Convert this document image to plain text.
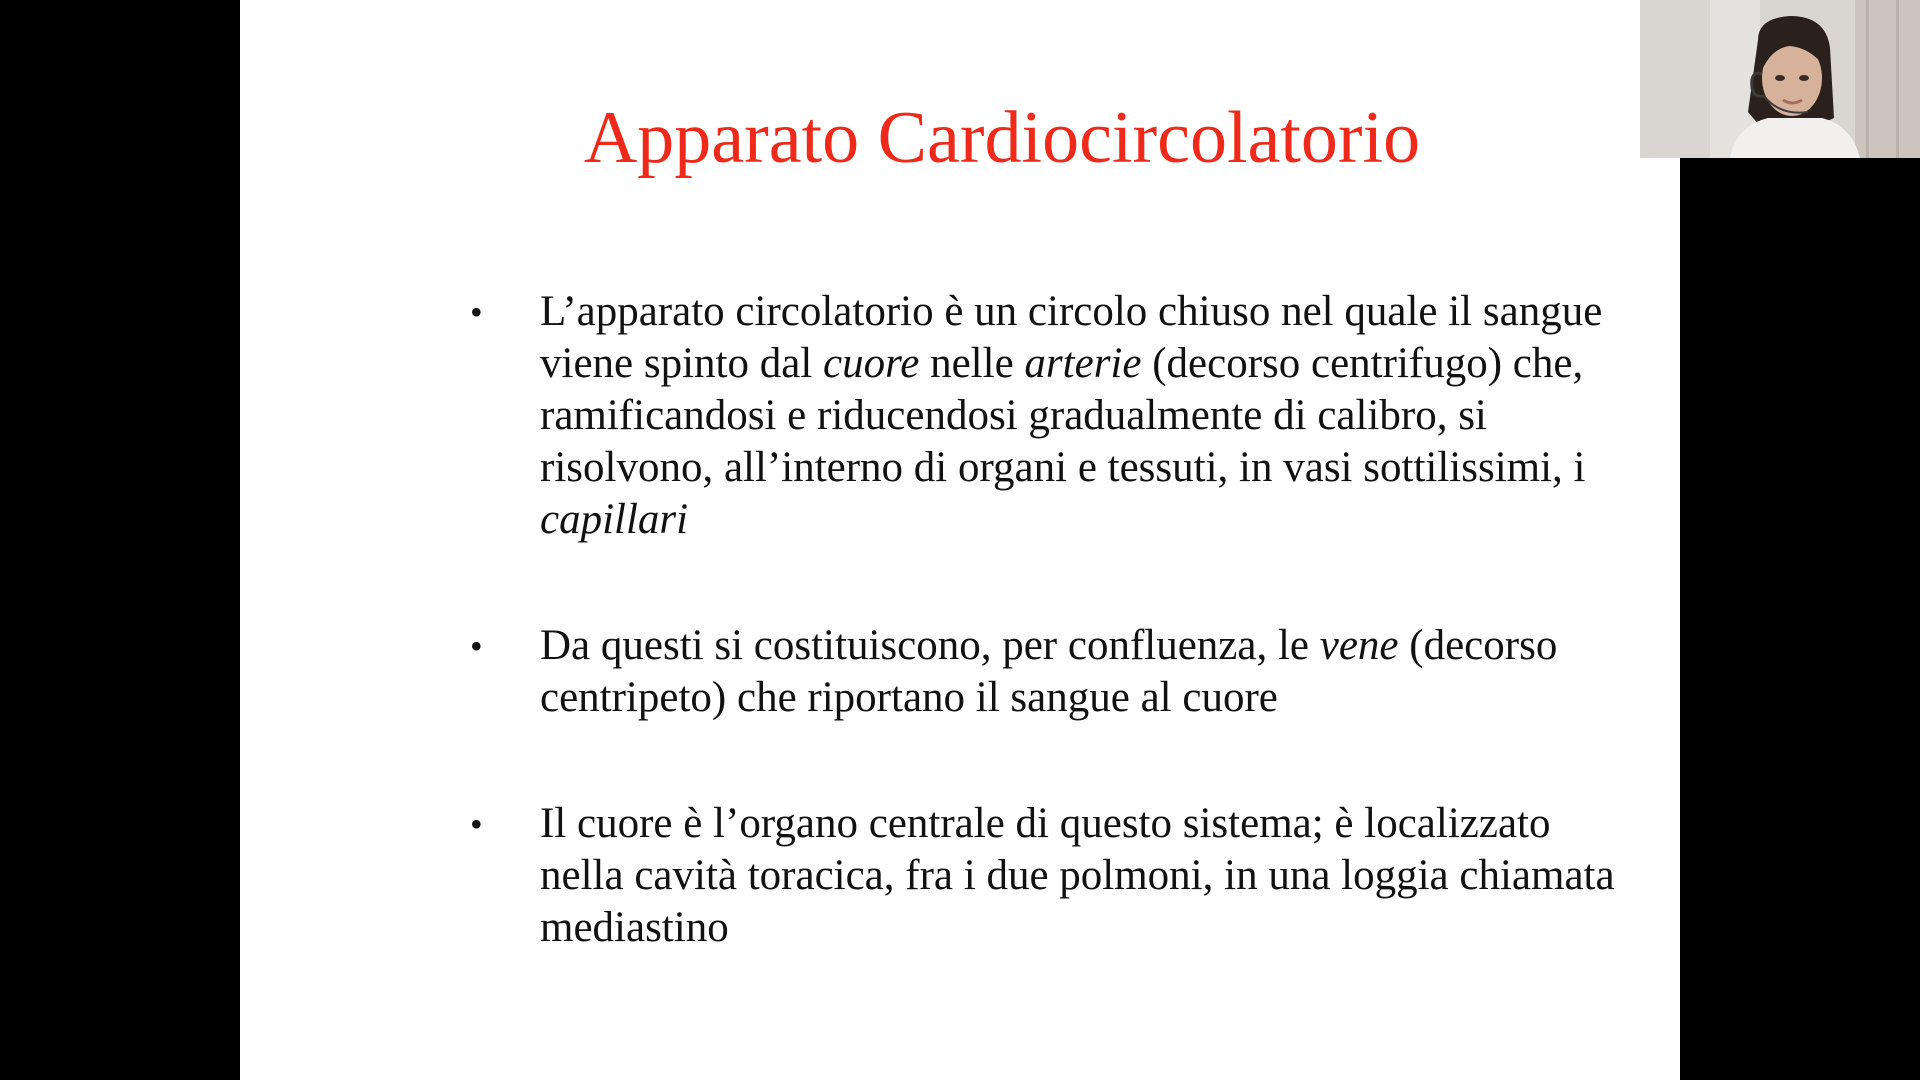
Apparato Cardiocircolatorio
•	L’apparato circolatorio è un circolo chiuso nel quale il sangue viene spinto dal cuore nelle arterie (decorso centrifugo) che, ramificandosi e riducendosi gradualmente di calibro, si risolvono, all’interno di organi e tessuti, in vasi sottilissimi, i capillari
•	Da questi si costituiscono, per confluenza, le vene (decorso centripeto) che riportano il sangue al cuore
•	Il cuore è l’organo centrale di questo sistema; è localizzato nella cavità toracica, fra i due polmoni, in una loggia chiamata mediastino
